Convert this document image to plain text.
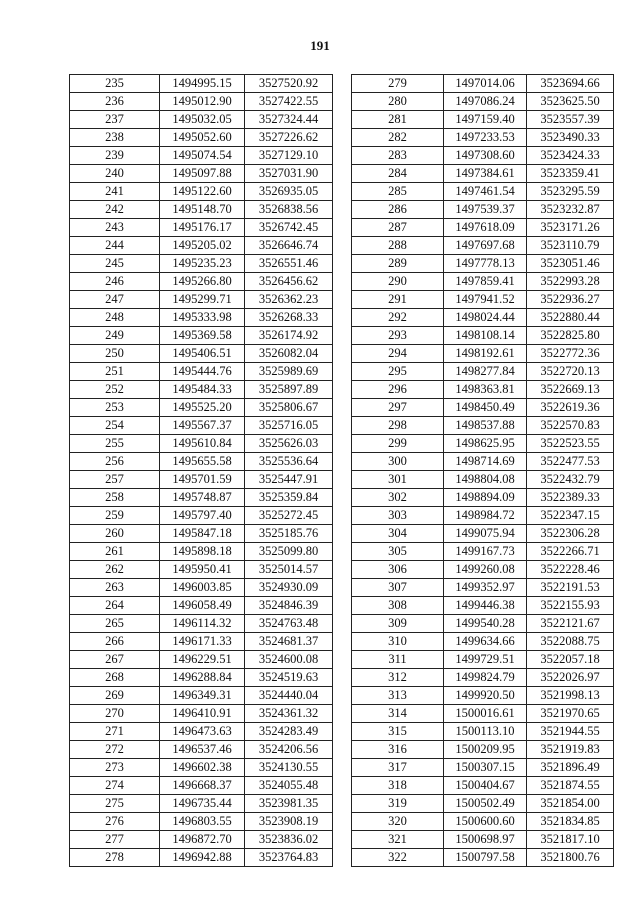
191
235	1494995.15	3527520.92
236	1495012.90	3527422.55
237	1495032.05	3527324.44
238	1495052.60	3527226.62
239	1495074.54	3527129.10
240	1495097.88	3527031.90
241	1495122.60	3526935.05
242	1495148.70	3526838.56
243	1495176.17	3526742.45
244	1495205.02	3526646.74
245	1495235.23	3526551.46
246	1495266.80	3526456.62
247	1495299.71	3526362.23
248	1495333.98	3526268.33
249	1495369.58	3526174.92
250	1495406.51	3526082.04
251	1495444.76	3525989.69
252	1495484.33	3525897.89
253	1495525.20	3525806.67
254	1495567.37	3525716.05
255	1495610.84	3525626.03
256	1495655.58	3525536.64
257	1495701.59	3525447.91
258	1495748.87	3525359.84
259	1495797.40	3525272.45
260	1495847.18	3525185.76
261	1495898.18	3525099.80
262	1495950.41	3525014.57
263	1496003.85	3524930.09
264	1496058.49	3524846.39
265	1496114.32	3524763.48
266	1496171.33	3524681.37
267	1496229.51	3524600.08
268	1496288.84	3524519.63
269	1496349.31	3524440.04
270	1496410.91	3524361.32
271	1496473.63	3524283.49
272	1496537.46	3524206.56
273	1496602.38	3524130.55
274	1496668.37	3524055.48
275	1496735.44	3523981.35
276	1496803.55	3523908.19
277	1496872.70	3523836.02
278	1496942.88	3523764.83
279	1497014.06	3523694.66
280	1497086.24	3523625.50
281	1497159.40	3523557.39
282	1497233.53	3523490.33
283	1497308.60	3523424.33
284	1497384.61	3523359.41
285	1497461.54	3523295.59
286	1497539.37	3523232.87
287	1497618.09	3523171.26
288	1497697.68	3523110.79
289	1497778.13	3523051.46
290	1497859.41	3522993.28
291	1497941.52	3522936.27
292	1498024.44	3522880.44
293	1498108.14	3522825.80
294	1498192.61	3522772.36
295	1498277.84	3522720.13
296	1498363.81	3522669.13
297	1498450.49	3522619.36
298	1498537.88	3522570.83
299	1498625.95	3522523.55
300	1498714.69	3522477.53
301	1498804.08	3522432.79
302	1498894.09	3522389.33
303	1498984.72	3522347.15
304	1499075.94	3522306.28
305	1499167.73	3522266.71
306	1499260.08	3522228.46
307	1499352.97	3522191.53
308	1499446.38	3522155.93
309	1499540.28	3522121.67
310	1499634.66	3522088.75
311	1499729.51	3522057.18
312	1499824.79	3522026.97
313	1499920.50	3521998.13
314	1500016.61	3521970.65
315	1500113.10	3521944.55
316	1500209.95	3521919.83
317	1500307.15	3521896.49
318	1500404.67	3521874.55
319	1500502.49	3521854.00
320	1500600.60	3521834.85
321	1500698.97	3521817.10
322	1500797.58	3521800.76
